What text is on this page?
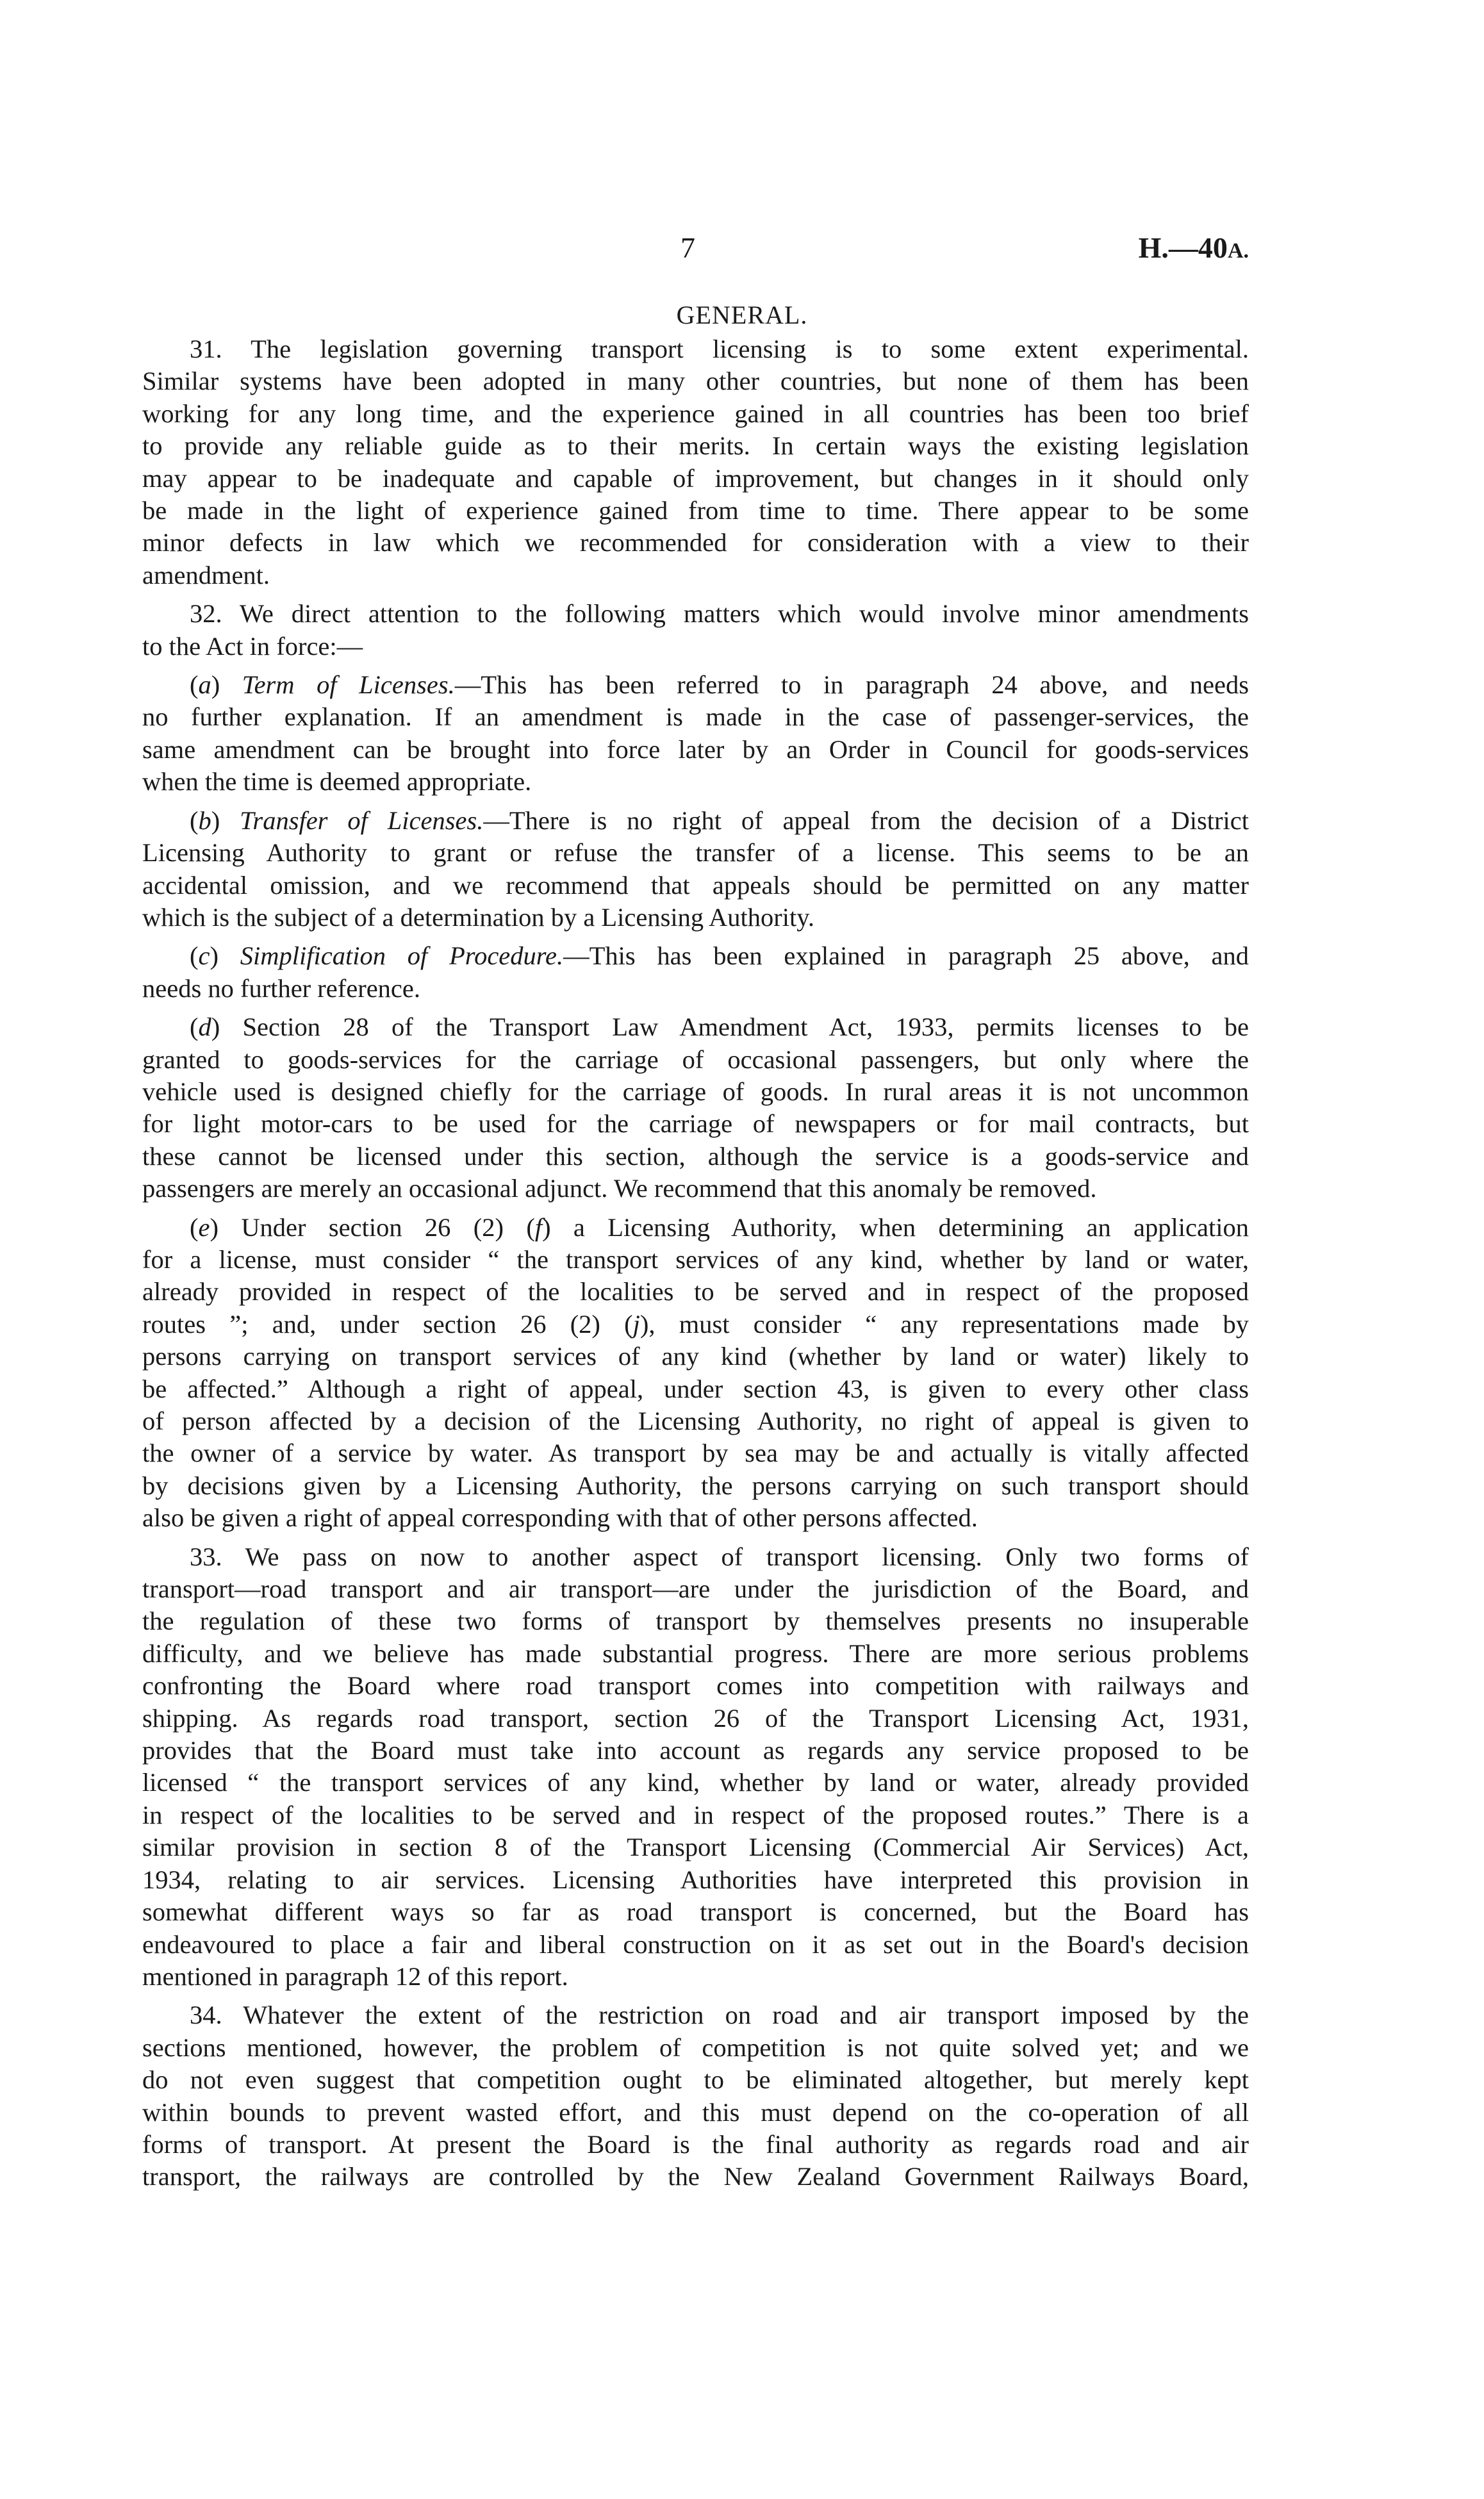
7	H.—40A.
GENERAL.
31. The legislation governing transport licensing is to some extent experimental.
Similar systems have been adopted in many other countries, but none of them has been
working for any long time, and the experience gained in all countries has been too brief
to provide any reliable guide as to their merits. In certain ways the existing legislation
may appear to be inadequate and capable of improvement, but changes in it should only
be made in the light of experience gained from time to time. There appear to be some
minor defects in law which we recommended for consideration with a view to their
amendment.
32. We direct attention to the following matters which would involve minor amendments
to the Act in force:—
(a) Term of Licenses.—This has been referred to in paragraph 24 above, and needs
no further explanation. If an amendment is made in the case of passenger-services, the
same amendment can be brought into force later by an Order in Council for goods-services
when the time is deemed appropriate.
(b) Transfer of Licenses.—There is no right of appeal from the decision of a District
Licensing Authority to grant or refuse the transfer of a license. This seems to be an
accidental omission, and we recommend that appeals should be permitted on any matter
which is the subject of a determination by a Licensing Authority.
(c) Simplification of Procedure.—This has been explained in paragraph 25 above, and
needs no further reference.
(d) Section 28 of the Transport Law Amendment Act, 1933, permits licenses to be
granted to goods-services for the carriage of occasional passengers, but only where the
vehicle used is designed chiefly for the carriage of goods. In rural areas it is not uncommon
for light motor-cars to be used for the carriage of newspapers or for mail contracts, but
these cannot be licensed under this section, although the service is a goods-service and
passengers are merely an occasional adjunct. We recommend that this anomaly be removed.
(e) Under section 26 (2) (f) a Licensing Authority, when determining an application
for a license, must consider “ the transport services of any kind, whether by land or water,
already provided in respect of the localities to be served and in respect of the proposed
routes ”; and, under section 26 (2) (j), must consider “ any representations made by
persons carrying on transport services of any kind (whether by land or water) likely to
be affected.” Although a right of appeal, under section 43, is given to every other class
of person affected by a decision of the Licensing Authority, no right of appeal is given to
the owner of a service by water. As transport by sea may be and actually is vitally affected
by decisions given by a Licensing Authority, the persons carrying on such transport should
also be given a right of appeal corresponding with that of other persons affected.
33. We pass on now to another aspect of transport licensing. Only two forms of
transport—road transport and air transport—are under the jurisdiction of the Board, and
the regulation of these two forms of transport by themselves presents no insuperable
difficulty, and we believe has made substantial progress. There are more serious problems
confronting the Board where road transport comes into competition with railways and
shipping. As regards road transport, section 26 of the Transport Licensing Act, 1931,
provides that the Board must take into account as regards any service proposed to be
licensed “ the transport services of any kind, whether by land or water, already provided
in respect of the localities to be served and in respect of the proposed routes.” There is a
similar provision in section 8 of the Transport Licensing (Commercial Air Services) Act,
1934, relating to air services. Licensing Authorities have interpreted this provision in
somewhat different ways so far as road transport is concerned, but the Board has
endeavoured to place a fair and liberal construction on it as set out in the Board's decision
mentioned in paragraph 12 of this report.
34. Whatever the extent of the restriction on road and air transport imposed by the
sections mentioned, however, the problem of competition is not quite solved yet; and we
do not even suggest that competition ought to be eliminated altogether, but merely kept
within bounds to prevent wasted effort, and this must depend on the co-operation of all
forms of transport. At present the Board is the final authority as regards road and air
transport, the railways are controlled by the New Zealand Government Railways Board,
